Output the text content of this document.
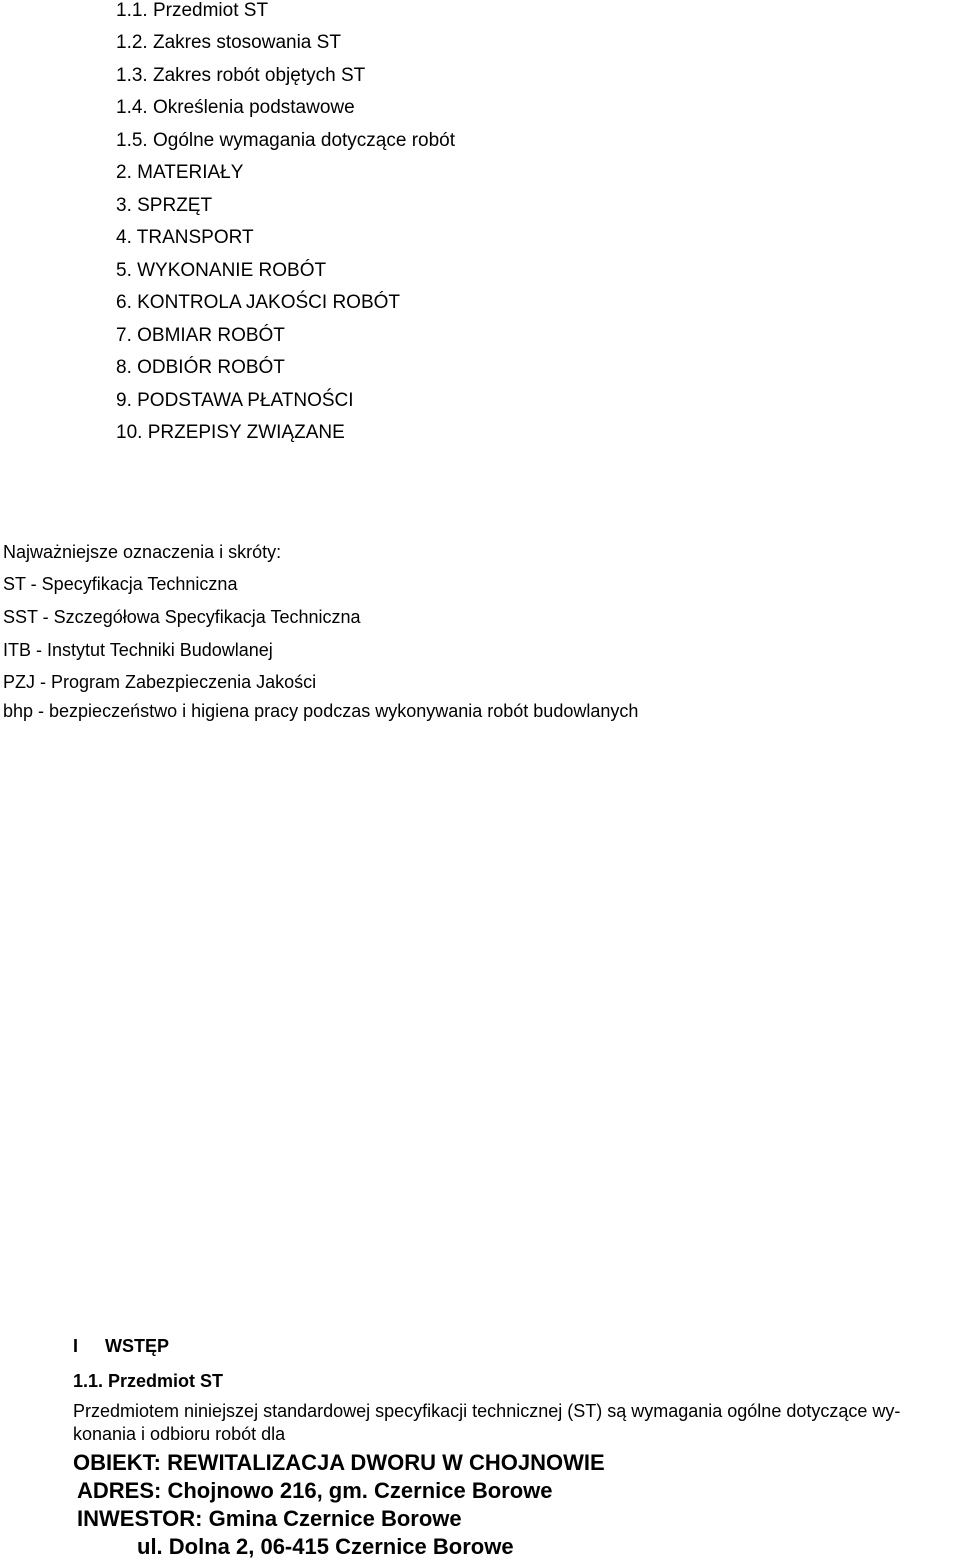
1.1. Przedmiot ST
1.2. Zakres stosowania ST
1.3. Zakres robót objętych ST
1.4. Określenia podstawowe
1.5. Ogólne wymagania dotyczące robót
2. MATERIAŁY
3. SPRZĘT
4. TRANSPORT
5. WYKONANIE ROBÓT
6. KONTROLA JAKOŚCI ROBÓT
7. OBMIAR ROBÓT
8. ODBIÓR ROBÓT
9. PODSTAWA PŁATNOŚCI
10. PRZEPISY ZWIĄZANE
Najważniejsze oznaczenia i skróty:
ST - Specyfikacja Techniczna
SST - Szczegółowa Specyfikacja Techniczna
ITB - Instytut Techniki Budowlanej
PZJ - Program Zabezpieczenia Jakości
bhp - bezpieczeństwo i higiena pracy podczas wykonywania robót budowlanych
I WSTĘP
1.1. Przedmiot ST
Przedmiotem niniejszej standardowej specyfikacji technicznej (ST) są wymagania ogólne dotyczące wy-
konania i odbioru robót dla
OBIEKT: REWITALIZACJA DWORU W CHOJNOWIE
ADRES: Chojnowo 216, gm. Czernice Borowe
INWESTOR: Gmina Czernice Borowe
ul. Dolna 2, 06-415 Czernice Borowe
